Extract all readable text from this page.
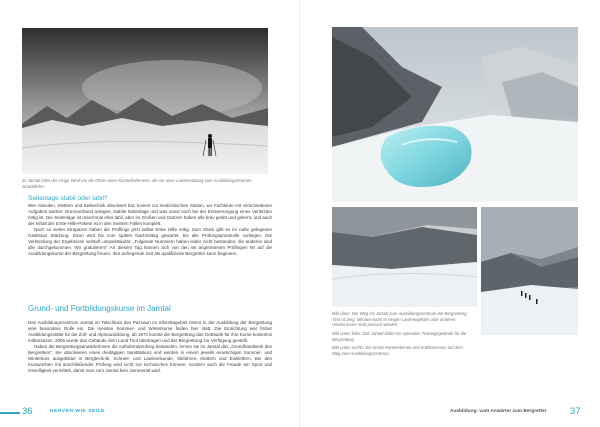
Im Jamtal bläst der eisige Wind um die Ohren einer Kursteilnehmerin, die vor einer Lawinenübung zum Ausbildungszentrum zurückkehrt.
Seitenlage stabil oder labil?

Wer Abseilen, Klettern und Seiltechnik absolviert hat, kommt zur medizinischen Station, wo Fachleute mit verschiedenen Aufgaben warten: Druckverband anlegen, stabile Seitenlage und was sonst noch bei der Erstversorgung eines Verletzten nötig ist. Die Seitenlage ist manchmal eher labil, aber im Großen und Ganzen haben alle brav geübt und gelernt, und auch der Inhalt der Erste-Hilfe-Pakete ist in den meisten Fällen komplett.

Nach so vielen Strapazen haben die Prüflinge jetzt selbst Erste Hilfe nötig. Zum Glück gibt es im nahe gelegenen Gasthaus Stärkung. Dann wird bis zum späten Nachmittag gewartet, bis alle Prüfungsprotokolle vorliegen. Die Verkündung der Ergebnisse verläuft unspektakulär: „Folgende Nummern haben leider nicht bestanden, die anderen sind alle durchgekommen. Wir gratulieren!“ An diesem Tag können sich von den 65 angetretenen Prüflingen 60 auf die Ausbildungskurse der Bergrettung freuen. Ihre aufregende Zeit als qualifizierte Bergretter kann beginnen.

Grund- und Fortbildungskurse im Jamtal

Das Ausbildungszentrum Jamtal im Talschluss des Paznaun im Silvrettagebiet nimmt in der Ausbildung der Bergrettung eine besondere Rolle ein. Die meisten Sommer- und Winterkurse finden hier statt. Die Einrichtung war früher Ausbildungsstätte für die Zoll- und Alpinausbildung, ab 1972 konnte die Bergrettung das Gebäude für ihre Kurse kostenlos mitbenutzen. 2006 wurde das Gebäude dem Land Tirol übertragen und der Bergrettung zur Verfügung gestellt.

Haben die Bergrettungsanwärterinnen die Aufnahmeprüfung bestanden, lernen sie im Jamtal das „Grundhandwerk des Bergretters“. Sie absolvieren einen dreitägigen Sanitätskurs und werden in einem jeweils einwöchigen Sommer- und Winterkurs ausgebildet in Bergtechnik, Schnee- und Lawinenkunde, Skifahren, Klettern und Eisklettern. Bei den Kurswochen mit anschließender Prüfung wird nicht nur technisches Können, sondern auch die Freude am Sport und Geselligkeit vermittelt, damit man zum Jamtal kein Jammertal wird.

36	NERVEN WIE SEILE
Bild oben: Der Weg ins Jamtal zum Ausbildungszentrum der Bergrettung Tirol ist lang. Mitunter kann er wegen Lawinengefahr oder anderen Hindernissen nicht passiert werden.
Bild unten links: Das Jamtal bildet ein optimales Trainingsgelände für die Bergrettung.
Bild unten rechts: Ein erstes Kennenlernen und Kräftemessen auf dem Weg zum Ausbildungszentrum.
Ausbildung: vom Anwärter zum Bergretter 37
